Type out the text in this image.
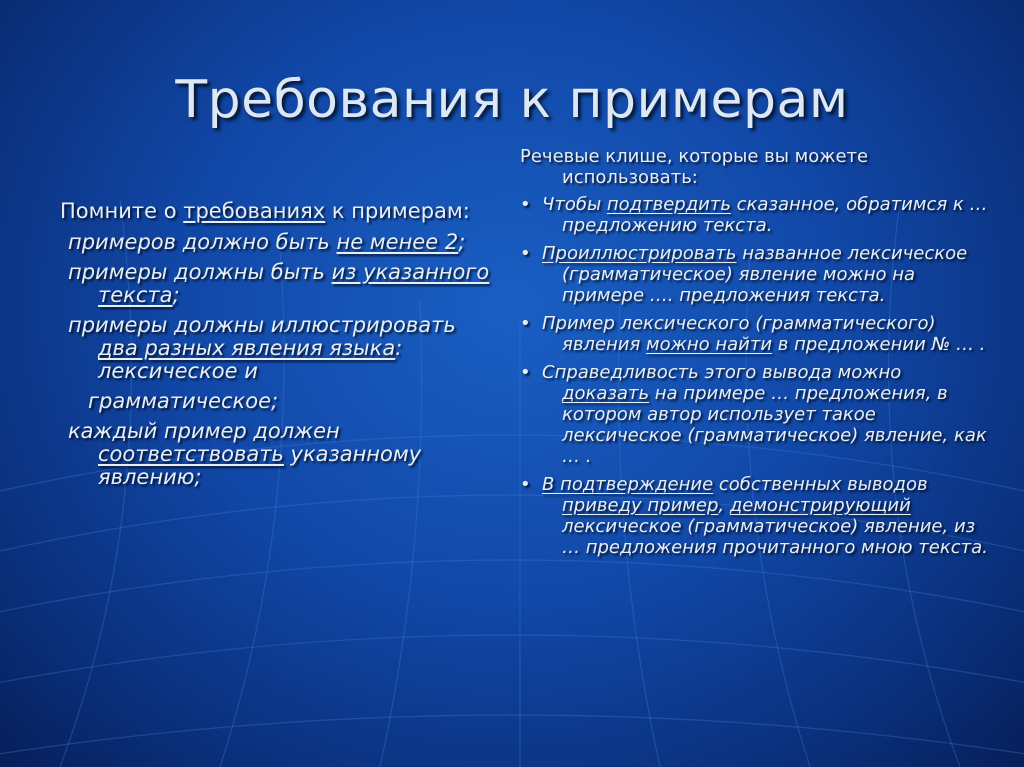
Требования к примерам
Помните о требованиях к примерам:
примеров должно быть не менее 2;
примеры должны быть из указанного текста;
примеры должны иллюстрировать два разных явления языка: лексическое и
грамматическое;
каждый пример должен соответствовать указанному явлению;
Речевые клише, которые вы можете использовать:
• Чтобы подтвердить сказанное, обратимся к … предложению текста.
• Проиллюстрировать названное лексическое (грамматическое) явление можно на примере …. предложения текста.
• Пример лексического (грамматического) явления можно найти в предложении № … .
• Справедливость этого вывода можно доказать на примере … предложения, в котором автор использует такое лексическое (грамматическое) явление, как … .
• В подтверждение собственных выводов приведу пример, демонстрирующий лексическое (грамматическое) явление, из … предложения прочитанного мною текста.
